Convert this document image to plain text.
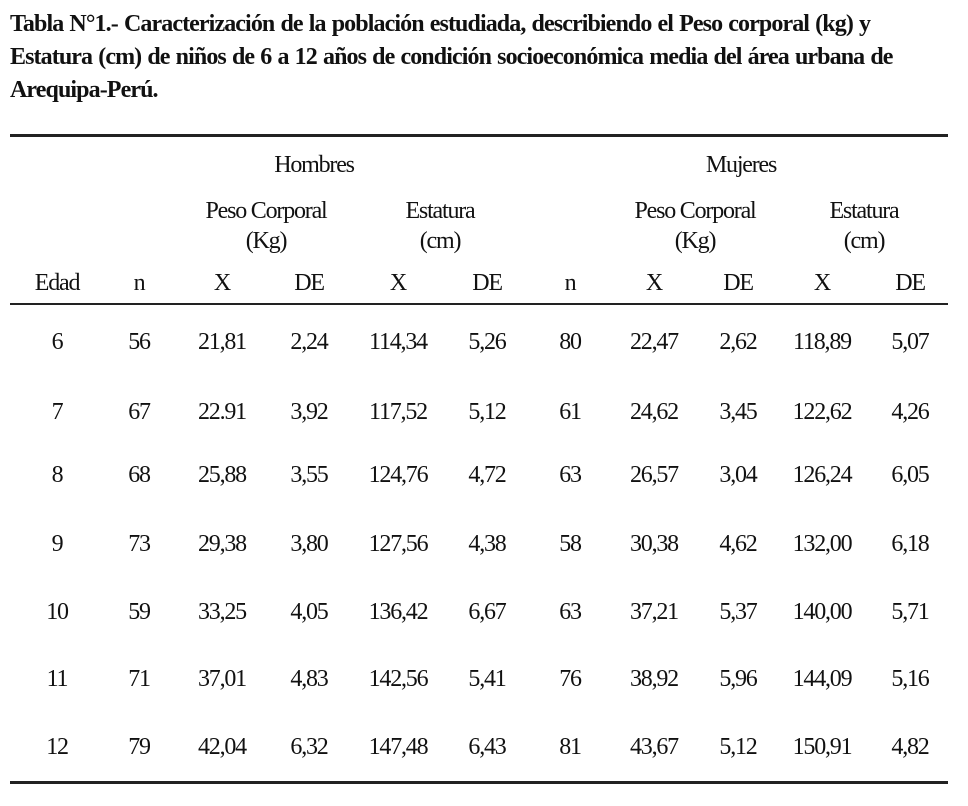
Tabla N°1.- Caracterización de la población estudiada, describiendo el Peso corporal (kg) y Estatura (cm) de niños de 6 a 12 años de condición socioeconómica media del área urbana de Arequipa-Perú.

Hombres	Mujeres
Peso Corporal
(Kg)
Estatura
(cm)
Peso Corporal
(Kg)
Estatura
(cm)
Edad	n	X	DE	X	DE	n	X	DE	X	DE
6	56	21,81	2,24	114,34	5,26	80	22,47	2,62	118,89	5,07
7	67	22.91	3,92	117,52	5,12	61	24,62	3,45	122,62	4,26
8	68	25,88	3,55	124,76	4,72	63	26,57	3,04	126,24	6,05
9	73	29,38	3,80	127,56	4,38	58	30,38	4,62	132,00	6,18
10	59	33,25	4,05	136,42	6,67	63	37,21	5,37	140,00	5,71
11	71	37,01	4,83	142,56	5,41	76	38,92	5,96	144,09	5,16
12	79	42,04	6,32	147,48	6,43	81	43,67	5,12	150,91	4,82
